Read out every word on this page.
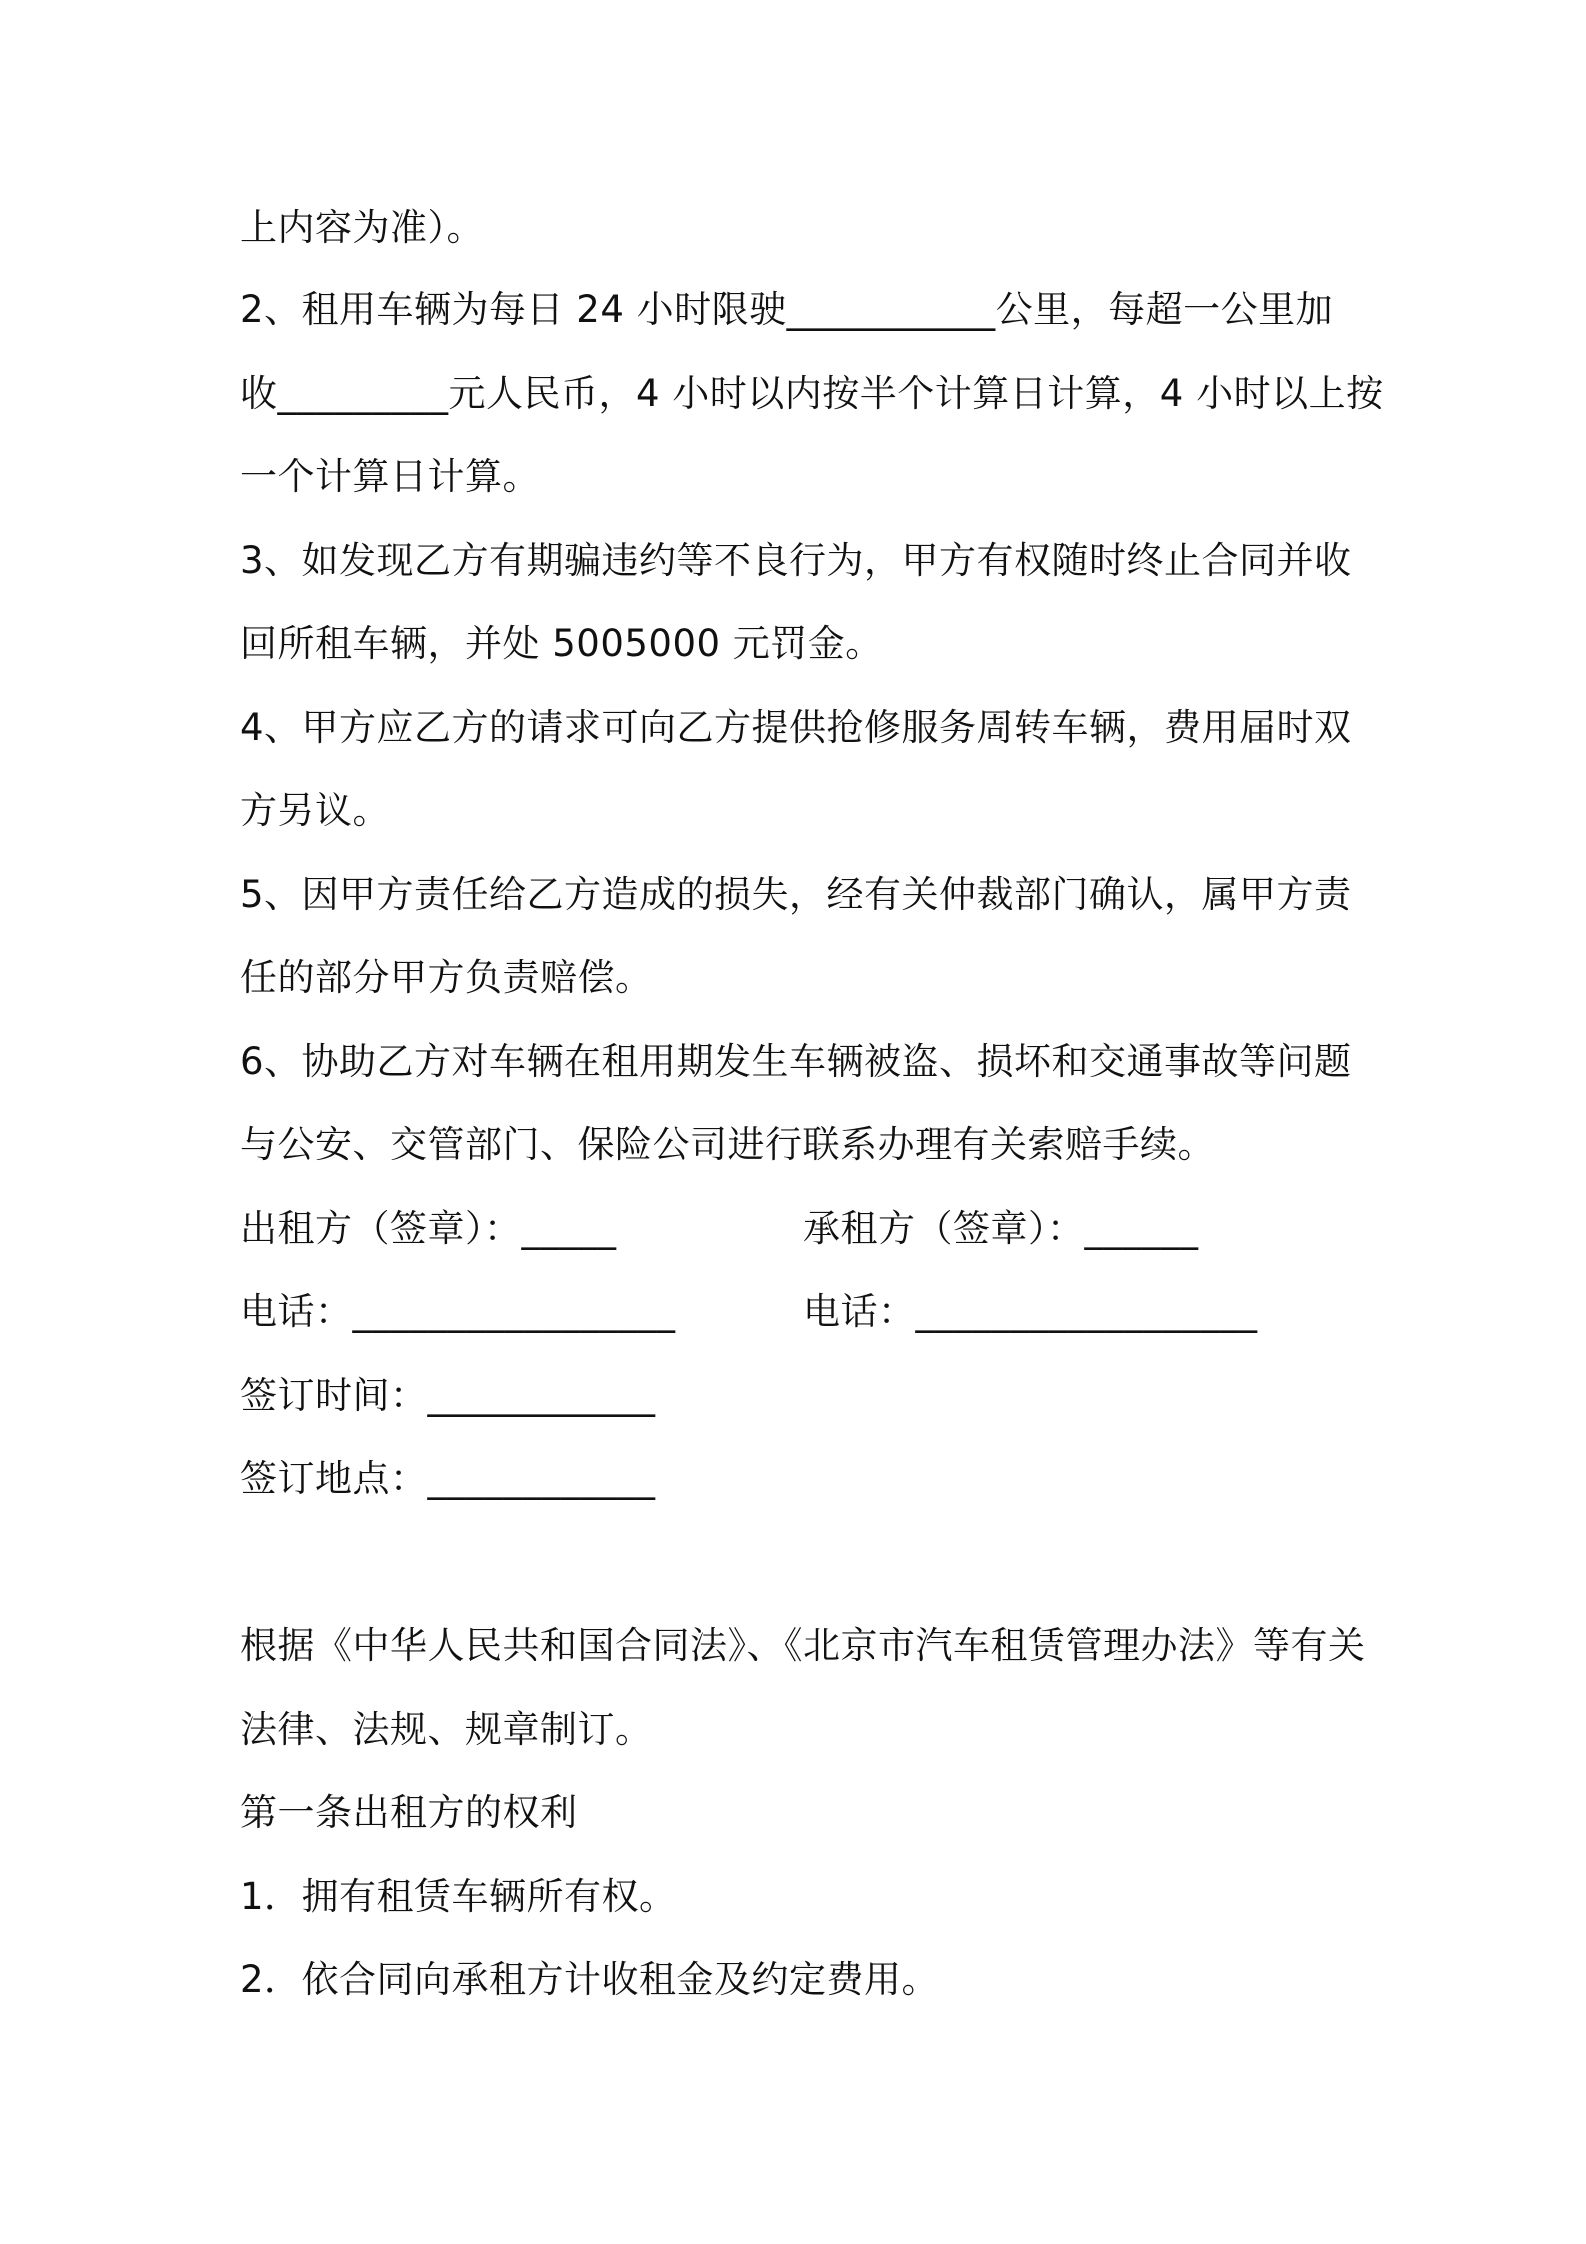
上内容为准）。
2、租用车辆为每日 24 小时限驶___________公里，每超一公里加
收_________元人民币，4 小时以内按半个计算日计算，4 小时以上按
一个计算日计算。
3、如发现乙方有期骗违约等不良行为，甲方有权随时终止合同并收
回所租车辆，并处 5005000 元罚金。
4、甲方应乙方的请求可向乙方提供抢修服务周转车辆，费用届时双
方另议。
5、因甲方责任给乙方造成的损失，经有关仲裁部门确认，属甲方责
任的部分甲方负责赔偿。
6、协助乙方对车辆在租用期发生车辆被盗、损坏和交通事故等问题
与公安、交管部门、保险公司进行联系办理有关索赔手续。
出租方（签章）：_____	承租方（签章）：______
电话：_________________	电话：__________________
签订时间：____________
签订地点：____________
根据《中华人民共和国合同法》、《北京市汽车租赁管理办法》等有关
法律、法规、规章制订。
第一条出租方的权利
1．拥有租赁车辆所有权。
2．依合同向承租方计收租金及约定费用。
